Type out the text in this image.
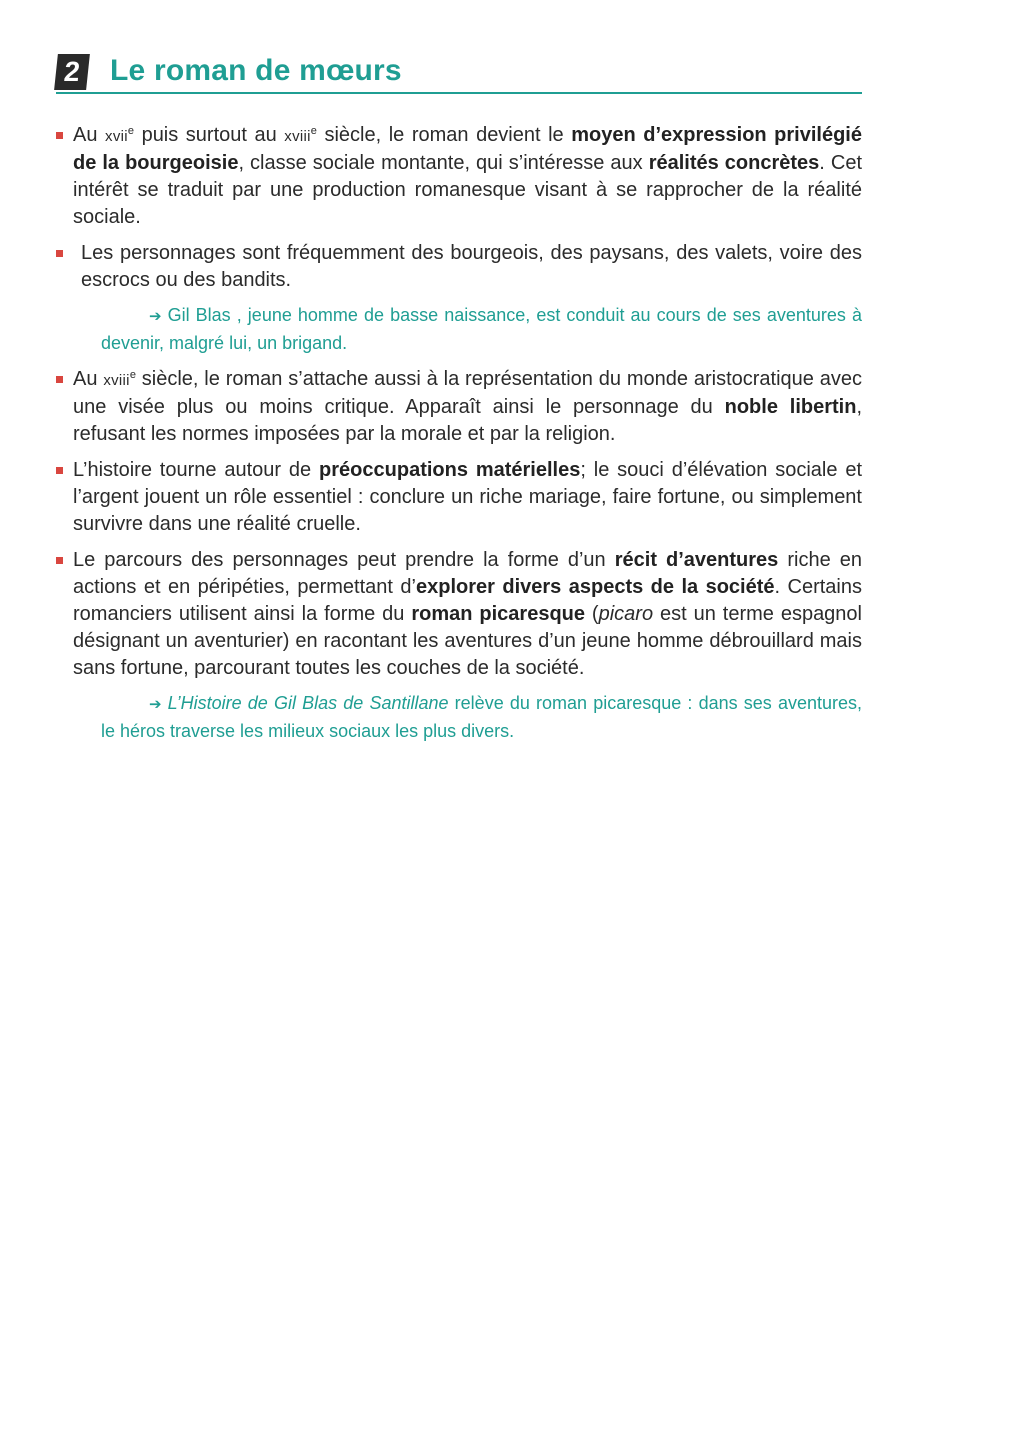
2 Le roman de mœurs
Au xvii$^e$ puis surtout au xviii$^e$ siècle, le roman devient le moyen d’expression privilégié de la bourgeoisie, classe sociale montante, qui s’intéresse aux réalités concrètes. Cet intérêt se traduit par une production romanesque visant à se rapprocher de la réalité sociale.
Les personnages sont fréquemment des bourgeois, des paysans, des valets, voire des escrocs ou des bandits.
➔ Gil Blas , jeune homme de basse naissance, est conduit au cours de ses aventures à devenir, malgré lui, un brigand.
Au xviii$^e$ siècle, le roman s’attache aussi à la représentation du monde aristocratique avec une visée plus ou moins critique. Apparaît ainsi le personnage du noble libertin, refusant les normes imposées par la morale et par la religion.
L’histoire tourne autour de préoccupations matérielles; le souci d’élévation sociale et l’argent jouent un rôle essentiel : conclure un riche mariage, faire fortune, ou simplement survivre dans une réalité cruelle.
Le parcours des personnages peut prendre la forme d’un récit d’aventures riche en actions et en péripéties, permettant d’explorer divers aspects de la société. Certains romanciers utilisent ainsi la forme du roman picaresque (picaro est un terme espagnol désignant un aventurier) en racontant les aventures d’un jeune homme débrouillard mais sans fortune, parcourant toutes les couches de la société.
➔ L’Histoire de Gil Blas de Santillane relève du roman picaresque : dans ses aventures, le héros traverse les milieux sociaux les plus divers.
